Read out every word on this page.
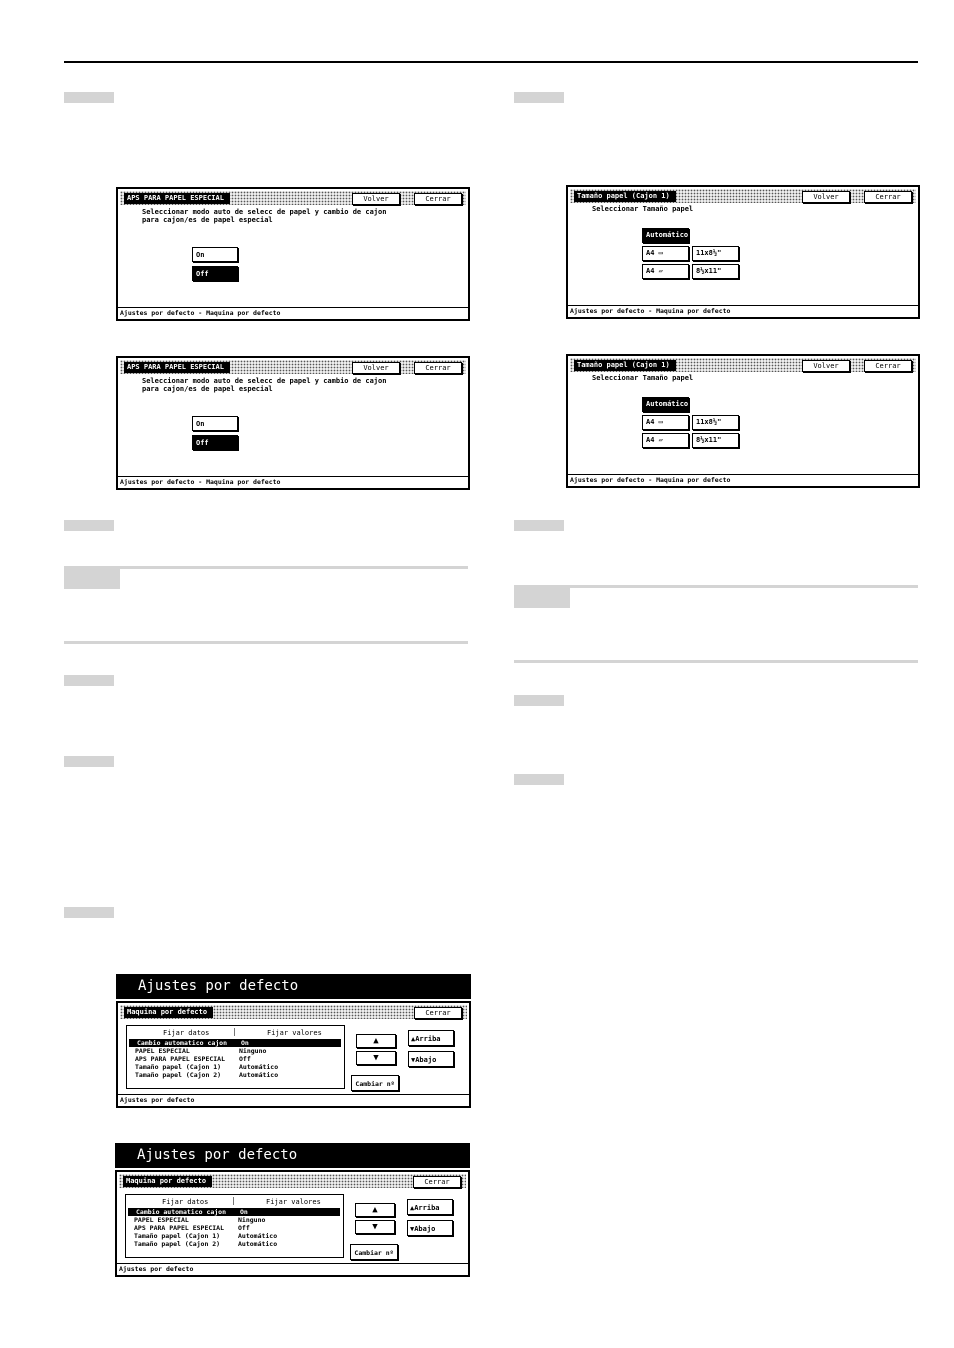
APS PARA PAPEL ESPECIAL	Volver	Cerrar
Seleccionar modo auto de selecc de papel y cambio de cajon
para cajon/es de papel especial
On
Off
Ajustes por defecto - Maquina por defecto
APS PARA PAPEL ESPECIAL	Volver	Cerrar
Seleccionar modo auto de selecc de papel y cambio de cajon
para cajon/es de papel especial
On
Off
Ajustes por defecto - Maquina por defecto
Tamaño papel (Cajon 1)	Volver	Cerrar
Seleccionar Tamaño papel
Automático
A4 ▭	11x8½"
A4 ▱	8½x11"
Ajustes por defecto - Maquina por defecto
Tamaño papel (Cajon 1)	Volver	Cerrar
Seleccionar Tamaño papel
Automático
A4 ▭	11x8½"
A4 ▱	8½x11"
Ajustes por defecto - Maquina por defecto
Ajustes por defecto
Maquina por defecto	Cerrar
Fijar datos	Fijar valores
Cambio automatico cajon On
PAPEL ESPECIAL	Ninguno
APS PARA PAPEL ESPECIAL Off
Tamaño papel (Cajon 1)	Automático
Tamaño papel (Cajon 2)	Automático
▲
▼
▲Arriba
▼Abajo
Cambiar nº
Ajustes por defecto
Ajustes por defecto
Maquina por defecto	Cerrar
Fijar datos	Fijar valores
Cambio automatico cajon On
PAPEL ESPECIAL	Ninguno
APS PARA PAPEL ESPECIAL Off
Tamaño papel (Cajon 1)	Automático
Tamaño papel (Cajon 2)	Automático
▲
▼
▲Arriba
▼Abajo
Cambiar nº
Ajustes por defecto
